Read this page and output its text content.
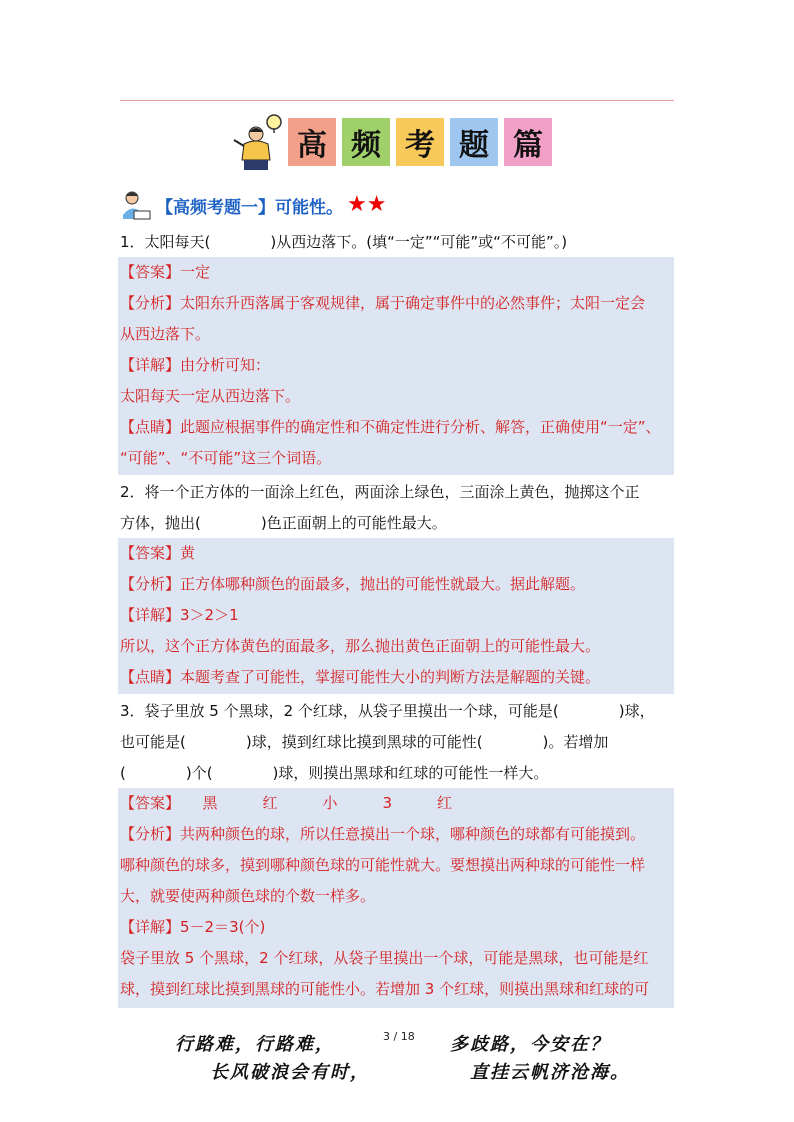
高 频 考 题 篇
【高频考题一】可能性。 ★ ★
1．太阳每天(　　　　)从西边落下。(填“一定”“可能”或“不可能”。)
【答案】一定
【分析】太阳东升西落属于客观规律，属于确定事件中的必然事件；太阳一定会
从西边落下。
【详解】由分析可知：
太阳每天一定从西边落下。
【点睛】此题应根据事件的确定性和不确定性进行分析、解答，正确使用“一定”、
“可能”、“不可能”这三个词语。
2．将一个正方体的一面涂上红色，两面涂上绿色，三面涂上黄色，抛掷这个正
方体，抛出(　　　　)色正面朝上的可能性最大。
【答案】黄
【分析】正方体哪种颜色的面最多，抛出的可能性就最大。据此解题。
【详解】3＞2＞1
所以，这个正方体黄色的面最多，那么抛出黄色正面朝上的可能性最大。
【点睛】本题考查了可能性，掌握可能性大小的判断方法是解题的关键。
3．袋子里放 5 个黑球，2 个红球，从袋子里摸出一个球，可能是(　　　　)球，
也可能是(　　　　)球，摸到红球比摸到黑球的可能性(　　　　)。若增加
(　　　　)个(　　　　)球，则摸出黑球和红球的可能性一样大。
【答案】　　黑　　　红　　　小　　　3　　　红
【分析】共两种颜色的球，所以任意摸出一个球，哪种颜色的球都有可能摸到。
哪种颜色的球多，摸到哪种颜色球的可能性就大。要想摸出两种球的可能性一样
大，就要使两种颜色球的个数一样多。
【详解】5－2＝3(个)
袋子里放 5 个黑球，2 个红球，从袋子里摸出一个球，可能是黑球，也可能是红
球，摸到红球比摸到黑球的可能性小。若增加 3 个红球，则摸出黑球和红球的可
3 / 18
行路难，行路难，	多歧路，今安在？
长风破浪会有时，	直挂云帆济沧海。
